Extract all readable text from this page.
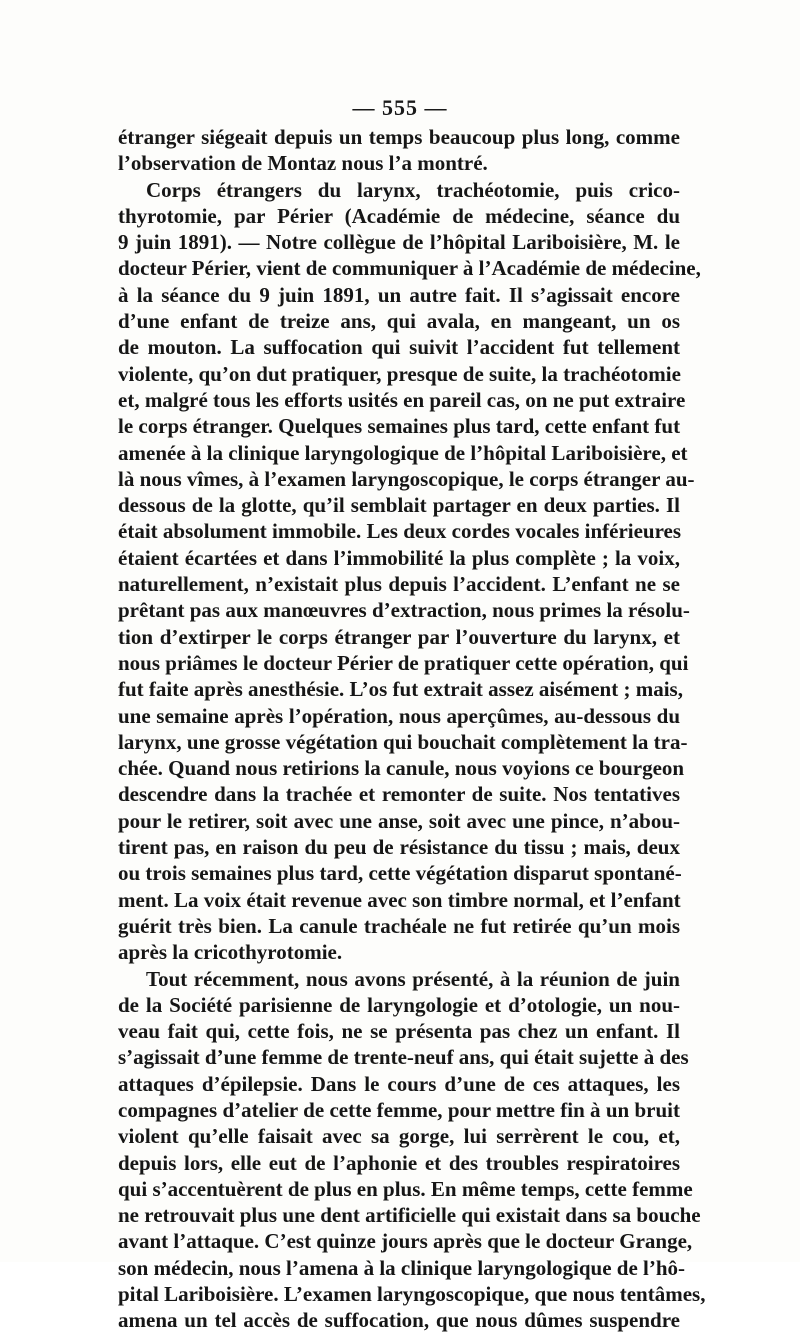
— 555 —
étranger siégeait depuis un temps beaucoup plus long, comme
l’observation de Montaz nous l’a montré.
Corps étrangers du larynx, trachéotomie, puis crico-
thyrotomie, par Périer (Académie de médecine, séance du
9 juin 1891). — Notre collègue de l’hôpital Lariboisière, M. le
docteur Périer, vient de communiquer à l’Académie de médecine,
à la séance du 9 juin 1891, un autre fait. Il s’agissait encore
d’une enfant de treize ans, qui avala, en mangeant, un os
de mouton. La suffocation qui suivit l’accident fut tellement
violente, qu’on dut pratiquer, presque de suite, la trachéotomie
et, malgré tous les efforts usités en pareil cas, on ne put extraire
le corps étranger. Quelques semaines plus tard, cette enfant fut
amenée à la clinique laryngologique de l’hôpital Lariboisière, et
là nous vîmes, à l’examen laryngoscopique, le corps étranger au-
dessous de la glotte, qu’il semblait partager en deux parties. Il
était absolument immobile. Les deux cordes vocales inférieures
étaient écartées et dans l’immobilité la plus complète ; la voix,
naturellement, n’existait plus depuis l’accident. L’enfant ne se
prêtant pas aux manœuvres d’extraction, nous primes la résolu-
tion d’extirper le corps étranger par l’ouverture du larynx, et
nous priâmes le docteur Périer de pratiquer cette opération, qui
fut faite après anesthésie. L’os fut extrait assez aisément ; mais,
une semaine après l’opération, nous aperçûmes, au-dessous du
larynx, une grosse végétation qui bouchait complètement la tra-
chée. Quand nous retirions la canule, nous voyions ce bourgeon
descendre dans la trachée et remonter de suite. Nos tentatives
pour le retirer, soit avec une anse, soit avec une pince, n’abou-
tirent pas, en raison du peu de résistance du tissu ; mais, deux
ou trois semaines plus tard, cette végétation disparut spontané-
ment. La voix était revenue avec son timbre normal, et l’enfant
guérit très bien. La canule trachéale ne fut retirée qu’un mois
après la cricothyrotomie.
Tout récemment, nous avons présenté, à la réunion de juin
de la Société parisienne de laryngologie et d’otologie, un nou-
veau fait qui, cette fois, ne se présenta pas chez un enfant. Il
s’agissait d’une femme de trente-neuf ans, qui était sujette à des
attaques d’épilepsie. Dans le cours d’une de ces attaques, les
compagnes d’atelier de cette femme, pour mettre fin à un bruit
violent qu’elle faisait avec sa gorge, lui serrèrent le cou, et,
depuis lors, elle eut de l’aphonie et des troubles respiratoires
qui s’accentuèrent de plus en plus. En même temps, cette femme
ne retrouvait plus une dent artificielle qui existait dans sa bouche
avant l’attaque. C’est quinze jours après que le docteur Grange,
son médecin, nous l’amena à la clinique laryngologique de l’hô-
pital Lariboisière. L’examen laryngoscopique, que nous tentâmes,
amena un tel accès de suffocation, que nous dûmes suspendre
